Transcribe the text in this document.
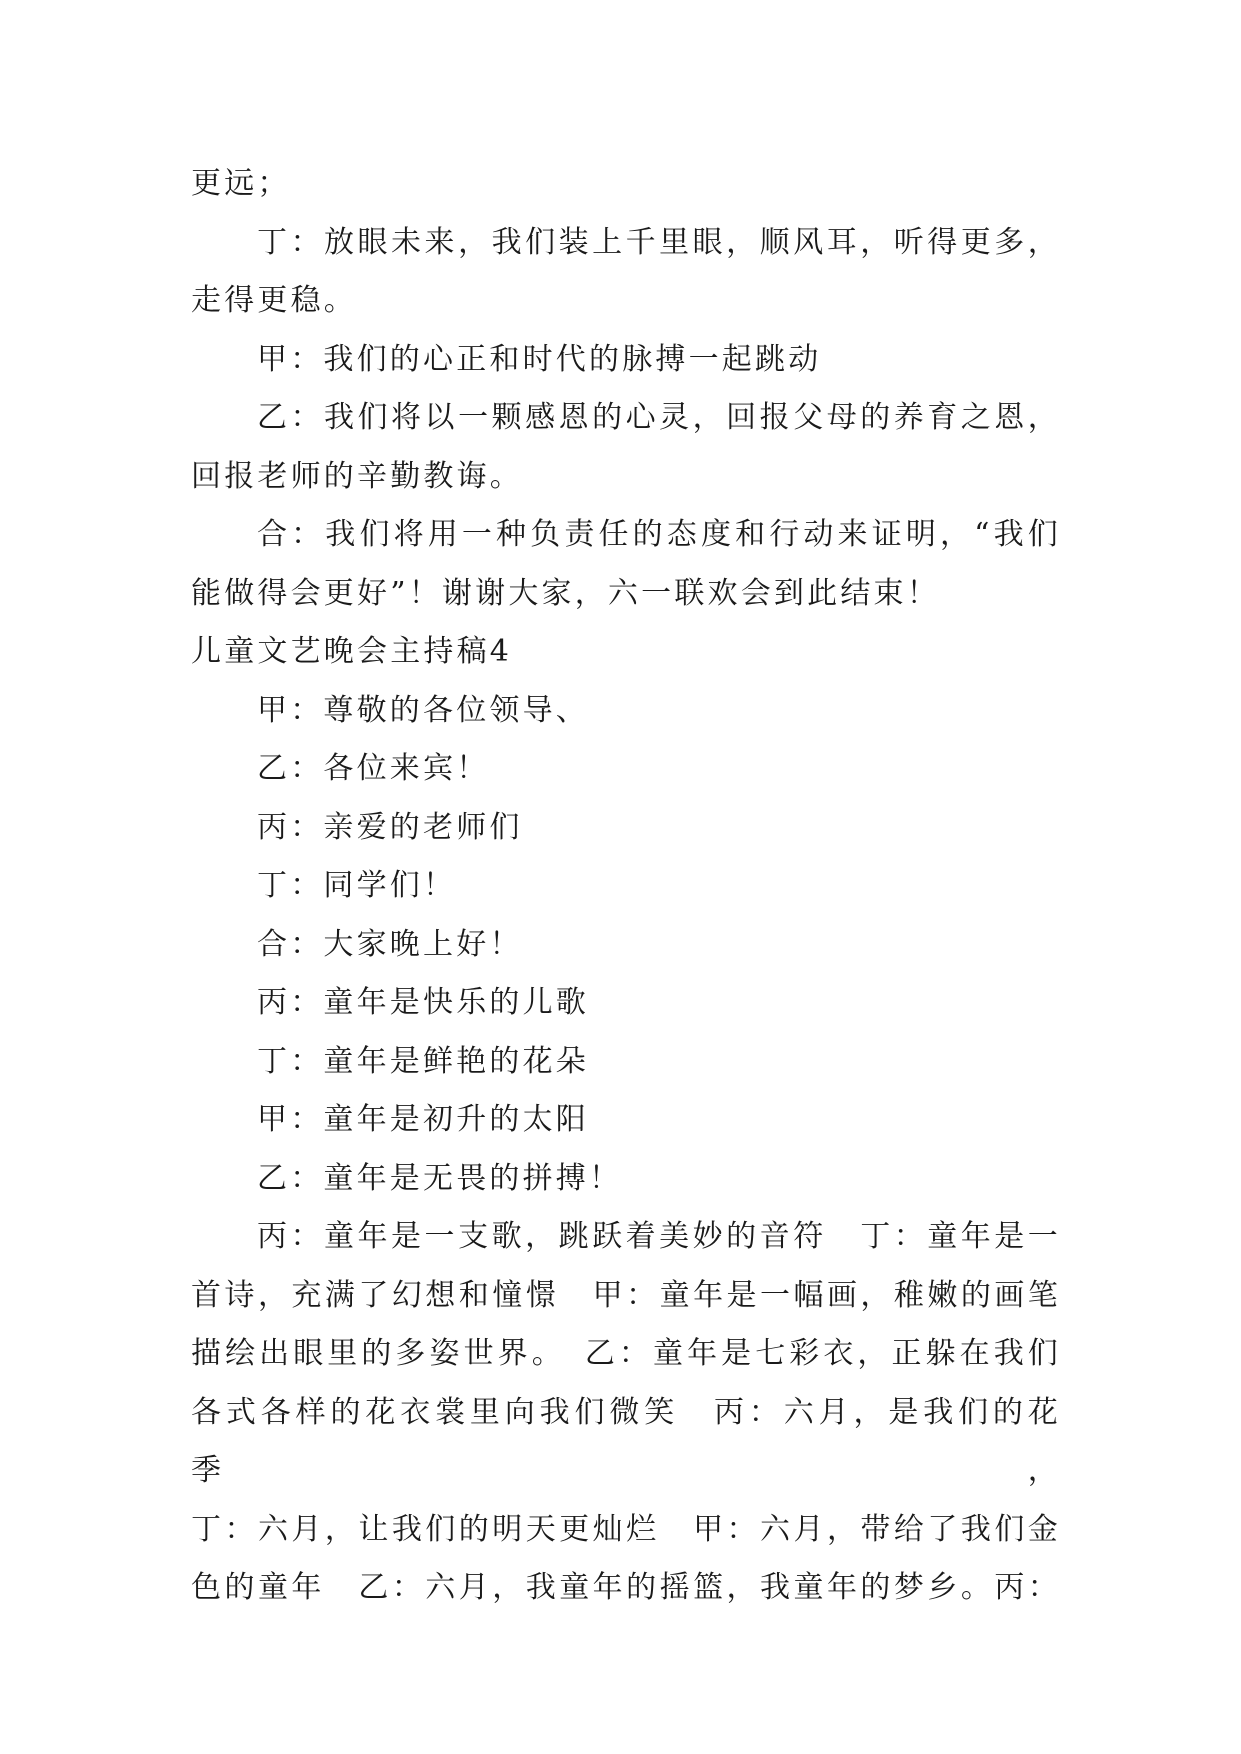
更远；
丁：放眼未来，我们装上千里眼，顺风耳，听得更多，
走得更稳。
甲：我们的心正和时代的脉搏一起跳动
乙：我们将以一颗感恩的心灵，回报父母的养育之恩，
回报老师的辛勤教诲。
合：我们将用一种负责任的态度和行动来证明，“我们
能做得会更好”！谢谢大家，六一联欢会到此结束！
儿童文艺晚会主持稿4
甲：尊敬的各位领导、
乙：各位来宾！
丙：亲爱的老师们
丁：同学们！
合：大家晚上好！
丙：童年是快乐的儿歌
丁：童年是鲜艳的花朵
甲：童年是初升的太阳
乙：童年是无畏的拼搏！
丙：童年是一支歌，跳跃着美妙的音符　丁：童年是一
首诗，充满了幻想和憧憬　甲：童年是一幅画，稚嫩的画笔
描绘出眼里的多姿世界。　乙：童年是七彩衣，正躲在我们
各式各样的花衣裳里向我们微笑　丙：六月，是我们的花季，
丁：六月，让我们的明天更灿烂　甲：六月，带给了我们金
色的童年　乙：六月，我童年的摇篮，我童年的梦乡。丙：
